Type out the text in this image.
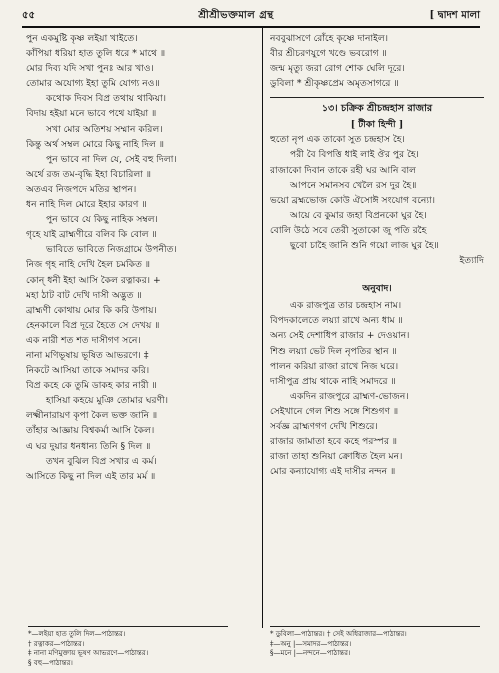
৫৫	শ্রীশ্রীভক্তমাল গ্রন্থ	[ দ্বাদশ মালা
পুন একমুষ্টি কৃষ্ণ লইয়া খাইতে।
কাঁপিয়া ধরিয়া হাত তুলি ধরে * মাথে ॥
মোর দিব্য যদি সখা পুনঃ আর খাও।
তোমার অযোগ্য ইহা তুমি যোগ্য নও॥
কথোক দিবস বিপ্র তথায় থাকিয়া।
বিদায় হইয়া মনে ভাবে পথে যাইয়া ॥
সখা মোর অতিশয় সম্মান করিল।
কিন্তু অর্থ সম্বল মোরে কিছু নাহি দিল ॥
পুন ভাবে না দিল যে, সেই বহু দিলা।
অর্থে রজ তম-বৃদ্ধি ইহা বিচারিলা ॥
অতএব নিজপদে মতির স্থাপন।
ধন নাহি দিল মোরে ইহার কারণ ॥
পুন ভাবে যে কিছু নাহিক সম্বল।
গৃহে যাই ব্রাহ্মণীরে বলিব কি বোল ॥
ভাবিতে ভাবিতে নিজগ্রামে উপনীত।
নিজ গৃহ নাহি দেখি হৈল চমকিত ॥
কোন্ ধনী ইহা আসি কৈল রত্নাকর। +
মহা ঠাট বাট দেখি দাসী অদ্ভুত ॥
ব্রাহ্মণী কোথায় মোর কি করি উপায়।
হেনকালে বিপ্র দূরে হৈতে সে দেখয় ॥
এক নারী শত শত দাসীগণ সনে।
নানা মণিভূষায় ভূষিত আভরণে। ‡
নিকটে আসিয়া তাকে সমাদর করি।
বিপ্র কহে কে তুমি ডাকহ কার নারী ॥
হাসিয়া কহয়ে মুঞি তোমার ঘরণী।
লক্ষ্মীনারায়ণ কৃপা কৈল ভক্ত জানি ॥
তাঁহার আজ্ঞায় বিশ্বকর্মা আসি কৈল।
এ ঘর দুয়ার ধনধান্য তিনি § দিল ॥
তখন বুঝিল বিপ্র সখার এ কর্ম।
আসিতে কিছু না দিল এই তার মর্ম ॥
নববুঝাসণে রোঁহে কৃষ্ণে দানাইল।
বীর শ্রীচরণযুগে খণ্ডে ভবরোগ ॥
জন্ম মৃত্যু জরা রোগ শোক ঘেলি দূরে।
ডুবিলা * শ্রীকৃষ্ণপ্রেম অমৃতসাগরে ॥
১৩। চক্রিক শ্রীচন্দ্রহাস রাজার
[ টীকা হিন্দী ]
হুতো নৃপ এক তাকো সুত চন্দ্রহাস হৈ।
পরী বৈ বিপত্তি ধাই লাই ঔর পুর হৈ।
রাজাকো দিবান তাকে রহী ঘর আনি বাল
আপনে সমানসব খেলৈ রস দুর হৈ॥
ভয়ো ব্রহ্মভোজ কোউ ঐসোঈ সংযোগ বন্যো।
আয়ে বে কুমার জহা বিপ্রনকো ঘুর হৈ।
বোলি উঠে সবে তেরী সুতাকো জু পতি রহৈ
ছুবো চাহৈ জানি শুনি গয়ো লাজ ঘুর হৈ॥
ইত্যাদি
অনুবাদ।
এক রাজপুত্র তার চন্দ্রহাস নাম।
বিপদকালেতে লয়্যা রাখে অন্য ধাম ॥
অন্য সেই দেশাধিপ রাজার + দেওয়ান।
শিশু লয়্যা ভেট দিল নৃপতির স্থান ॥
পালন করিয়া রাজা রাখে নিজ ঘরে।
দাসীপুত্র প্রায় থাকে নাহি সমাদরে ॥
একদিন রাজপুরে ব্রাহ্মণ-ভোজন।
সেইখানে গেল শিশু সঙ্গে শিশুগণ ॥
সর্বজ্ঞ ব্রাহ্মণগণ দেখি শিশুরে।
রাজার জামাতা হবে কহে পরস্পর ॥
রাজা তাহা শুনিয়া ক্রোধিত হৈল মন।
মোর কন্যাযোগ্য এই দাসীর নন্দন ॥
*—লইয়া হাত তুলি দিল—পাঠান্তর।
† রত্নাকর—পাঠান্তর।
‡ নানা মণিমুক্তায় ভূষণ আভরণে—পাঠান্তর।
§ বহু—পাঠান্তর।
* ডুবিলা—পাঠান্তর। † সেই অধিরাজার—পাঠান্তর।
‡—অনু |—সমাদর—পাঠান্তর।
§—মনে |—নন্দনে—পাঠান্তর।
